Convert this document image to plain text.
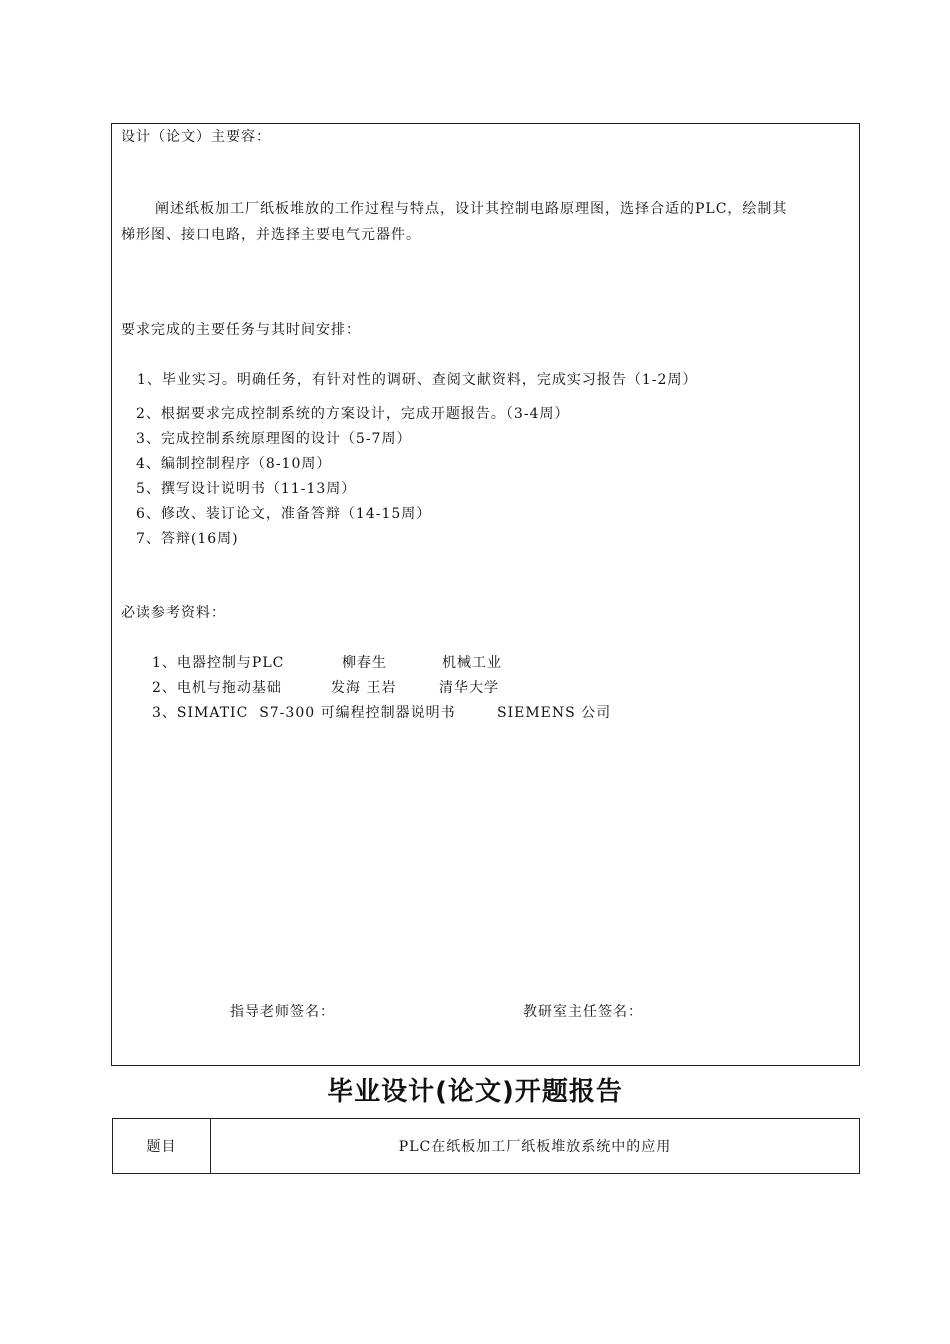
设计（论文）主要容：
阐述纸板加工厂纸板堆放的工作过程与特点，设计其控制电路原理图，选择合适的PLC，绘制其
梯形图、接口电路，并选择主要电气元器件。
要求完成的主要任务与其时间安排：
1、毕业实习。明确任务，有针对性的调研、查阅文献资料，完成实习报告（1-2周）
2、根据要求完成控制系统的方案设计，完成开题报告。（3-4周）
3、完成控制系统原理图的设计（5-7周）
4、编制控制程序（8-10周）
5、撰写设计说明书（11-13周）
6、修改、装订论文，准备答辩（14-15周）
7、答辩(16周)
必读参考资料：
1、电器控制与PLC	柳春生	机械工业
2、电机与拖动基础	发海 王岩	清华大学
3、SIMATIC  S7-300 可编程控制器说明书	SIEMENS 公司
指导老师签名：	教研室主任签名：
毕业设计(论文)开题报告
题目	PLC在纸板加工厂纸板堆放系统中的应用
